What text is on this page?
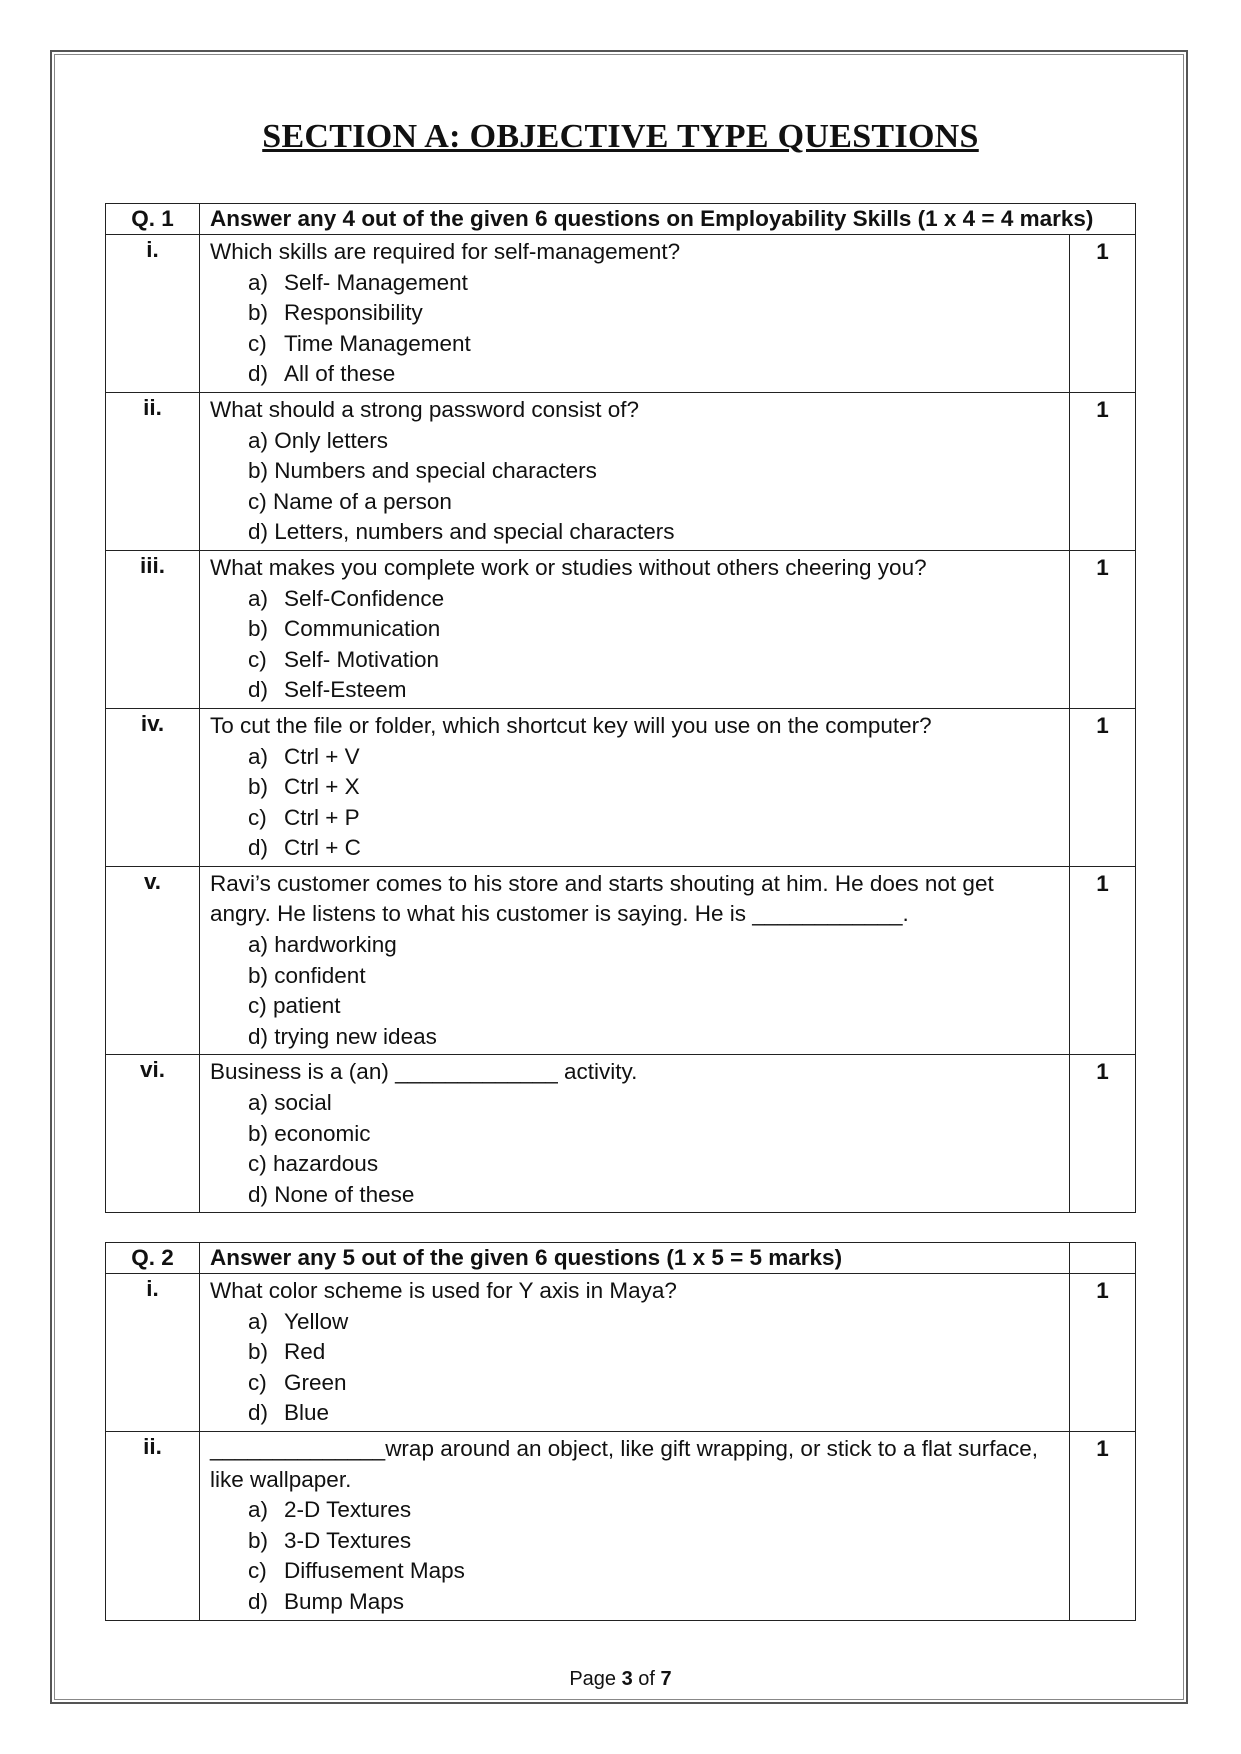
SECTION A: OBJECTIVE TYPE QUESTIONS
Q. 1	Answer any 4 out of the given 6 questions on Employability Skills (1 x 4 = 4 marks)	
i.	Which skills are required for self-management?
a) Self- Management
b) Responsibility
c) Time Management
d) All of these	1
ii.	What should a strong password consist of?
a) Only letters
b) Numbers and special characters
c) Name of a person
d) Letters, numbers and special characters	1
iii.	What makes you complete work or studies without others cheering you?
a) Self-Confidence
b) Communication
c) Self- Motivation
d) Self-Esteem	1
iv.	To cut the file or folder, which shortcut key will you use on the computer?
a) Ctrl + V
b) Ctrl + X
c) Ctrl + P
d) Ctrl + C	1
v.	Ravi’s customer comes to his store and starts shouting at him. He does not get angry. He listens to what his customer is saying. He is ____________.
a) hardworking
b) confident
c) patient
d) trying new ideas	1
vi.	Business is a (an) _____________ activity.
a) social
b) economic
c) hazardous
d) None of these	1
Q. 2	Answer any 5 out of the given 6 questions (1 x 5 = 5 marks)	
i.	What color scheme is used for Y axis in Maya?
a) Yellow
b) Red
c) Green
d) Blue	1
ii.	______________wrap around an object, like gift wrapping, or stick to a flat surface, like wallpaper.
a) 2-D Textures
b) 3-D Textures
c) Diffusement Maps
d) Bump Maps	1
Page 3 of 7
